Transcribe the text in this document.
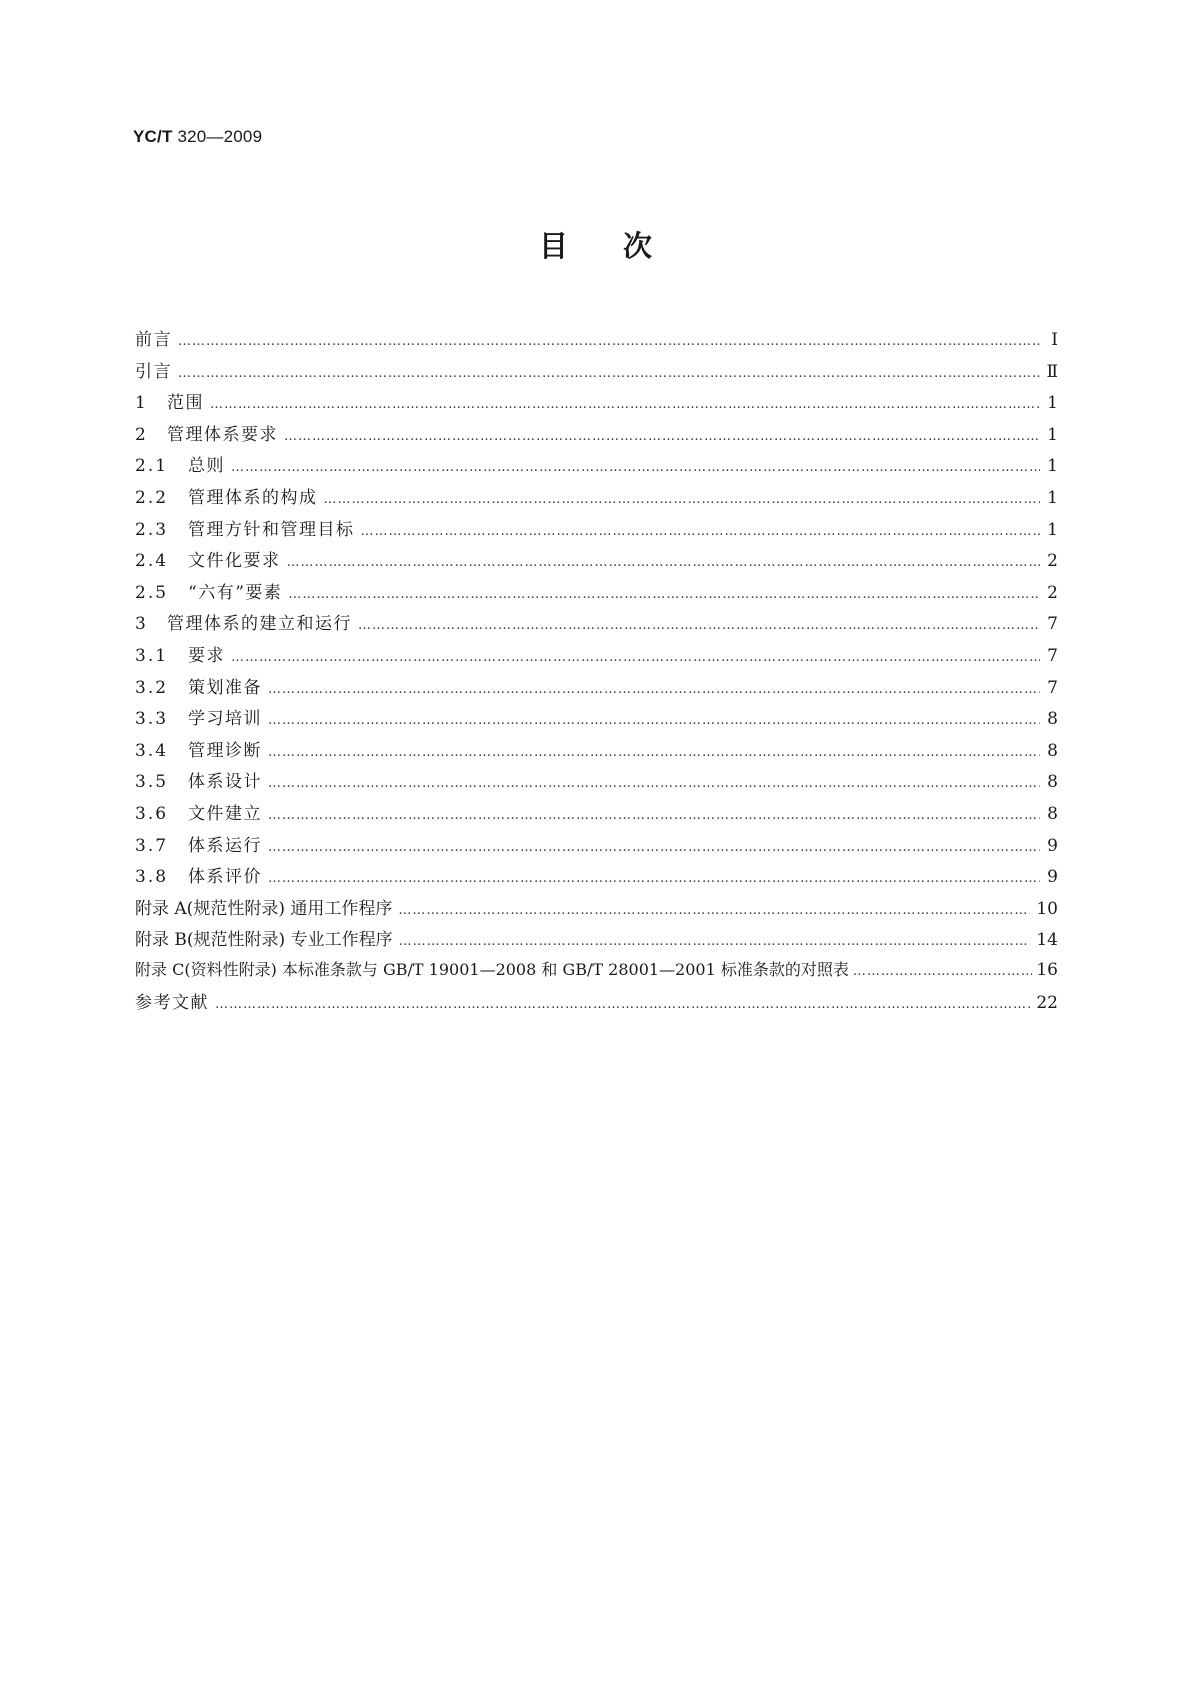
YC/T 320—2009
目次
前言 …………………………………………………………………………………………………………………………………………………………………………………………	Ⅰ
引言 …………………………………………………………………………………………………………………………………………………………………………………………	Ⅱ
1	范围 …………………………………………………………………………………………………………………………………………………………………………………………	1
2	管理体系要求 …………………………………………………………………………………………………………………………………………………………………………………………	1
2.1	总则 …………………………………………………………………………………………………………………………………………………………………………………………	1
2.2	管理体系的构成 …………………………………………………………………………………………………………………………………………………………………………………………	1
2.3	管理方针和管理目标 …………………………………………………………………………………………………………………………………………………………………………………………	1
2.4	文件化要求 …………………………………………………………………………………………………………………………………………………………………………………………	2
2.5	“六有”要素 …………………………………………………………………………………………………………………………………………………………………………………………	2
3	管理体系的建立和运行 …………………………………………………………………………………………………………………………………………………………………………………………	7
3.1	要求 …………………………………………………………………………………………………………………………………………………………………………………………	7
3.2	策划准备 …………………………………………………………………………………………………………………………………………………………………………………………	7
3.3	学习培训 …………………………………………………………………………………………………………………………………………………………………………………………	8
3.4	管理诊断 …………………………………………………………………………………………………………………………………………………………………………………………	8
3.5	体系设计 …………………………………………………………………………………………………………………………………………………………………………………………	8
3.6	文件建立 …………………………………………………………………………………………………………………………………………………………………………………………	8
3.7	体系运行 …………………………………………………………………………………………………………………………………………………………………………………………	9
3.8	体系评价 …………………………………………………………………………………………………………………………………………………………………………………………	9
附录 A(规范性附录) 通用工作程序 …………………………………………………………………………………………………………………………………………………………………………………………	10
附录 B(规范性附录) 专业工作程序 …………………………………………………………………………………………………………………………………………………………………………………………	14
附录 C(资料性附录) 本标准条款与 GB/T 19001—2008 和 GB/T 28001—2001 标准条款的对照表 …………………………………………………………………………………………………………………………………………………………………………………………	16
参考文献 …………………………………………………………………………………………………………………………………………………………………………………………	22
